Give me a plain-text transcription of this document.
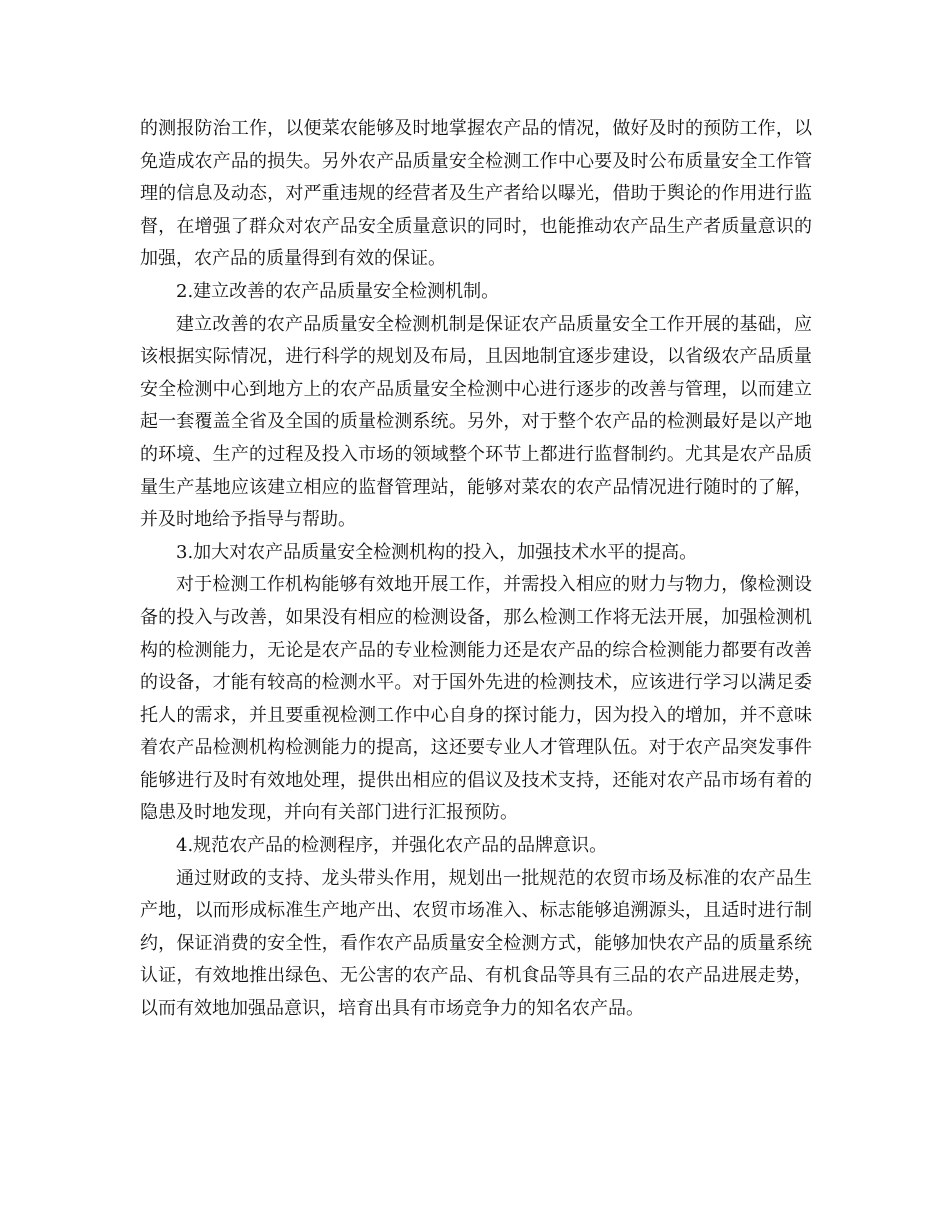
的测报防治工作，以便菜农能够及时地掌握农产品的情况，做好及时的预防工作，以免造成农产品的损失。另外农产品质量安全检测工作中心要及时公布质量安全工作管理的信息及动态，对严重违规的经营者及生产者给以曝光，借助于舆论的作用进行监督，在增强了群众对农产品安全质量意识的同时，也能推动农产品生产者质量意识的加强，农产品的质量得到有效的保证。

2.建立改善的农产品质量安全检测机制。

建立改善的农产品质量安全检测机制是保证农产品质量安全工作开展的基础，应该根据实际情况，进行科学的规划及布局，且因地制宜逐步建设，以省级农产品质量安全检测中心到地方上的农产品质量安全检测中心进行逐步的改善与管理，以而建立起一套覆盖全省及全国的质量检测系统。另外，对于整个农产品的检测最好是以产地的环境、生产的过程及投入市场的领域整个环节上都进行监督制约。尤其是农产品质量生产基地应该建立相应的监督管理站，能够对菜农的农产品情况进行随时的了解，并及时地给予指导与帮助。

3.加大对农产品质量安全检测机构的投入，加强技术水平的提高。

对于检测工作机构能够有效地开展工作，并需投入相应的财力与物力，像检测设备的投入与改善，如果没有相应的检测设备，那么检测工作将无法开展，加强检测机构的检测能力，无论是农产品的专业检测能力还是农产品的综合检测能力都要有改善的设备，才能有较高的检测水平。对于国外先进的检测技术，应该进行学习以满足委托人的需求，并且要重视检测工作中心自身的探讨能力，因为投入的增加，并不意味着农产品检测机构检测能力的提高，这还要专业人才管理队伍。对于农产品突发事件能够进行及时有效地处理，提供出相应的倡议及技术支持，还能对农产品市场有着的隐患及时地发现，并向有关部门进行汇报预防。

4.规范农产品的检测程序，并强化农产品的品牌意识。

通过财政的支持、龙头带头作用，规划出一批规范的农贸市场及标准的农产品生产地，以而形成标准生产地产出、农贸市场准入、标志能够追溯源头，且适时进行制约，保证消费的安全性，看作农产品质量安全检测方式，能够加快农产品的质量系统认证，有效地推出绿色、无公害的农产品、有机食品等具有三品的农产品进展走势，以而有效地加强品意识，培育出具有市场竞争力的知名农产品。
